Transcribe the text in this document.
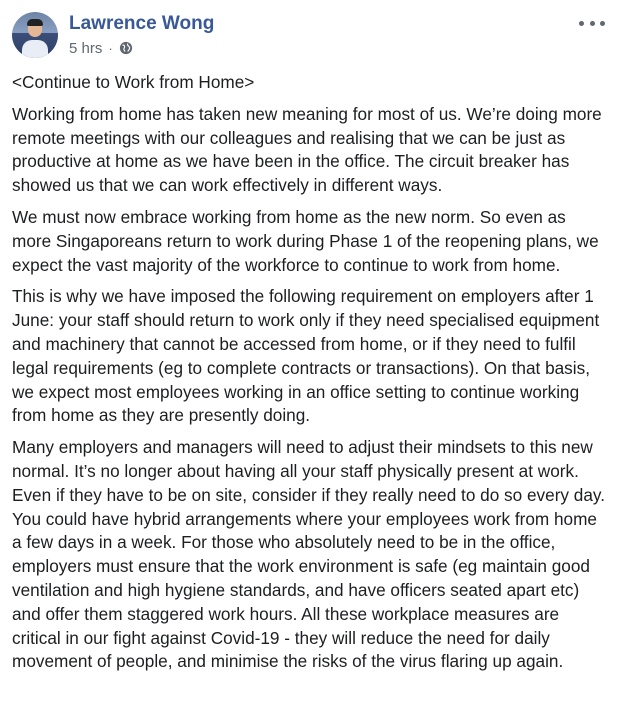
Lawrence Wong
5 hrs ·

<Continue to Work from Home>

Working from home has taken new meaning for most of us. We’re doing more remote meetings with our colleagues and realising that we can be just as productive at home as we have been in the office. The circuit breaker has showed us that we can work effectively in different ways.

We must now embrace working from home as the new norm. So even as more Singaporeans return to work during Phase 1 of the reopening plans, we expect the vast majority of the workforce to continue to work from home.

This is why we have imposed the following requirement on employers after 1 June: your staff should return to work only if they need specialised equipment and machinery that cannot be accessed from home, or if they need to fulfil legal requirements (eg to complete contracts or transactions). On that basis, we expect most employees working in an office setting to continue working from home as they are presently doing.

Many employers and managers will need to adjust their mindsets to this new normal. It’s no longer about having all your staff physically present at work. Even if they have to be on site, consider if they really need to do so every day. You could have hybrid arrangements where your employees work from home a few days in a week. For those who absolutely need to be in the office, employers must ensure that the work environment is safe (eg maintain good ventilation and high hygiene standards, and have officers seated apart etc) and offer them staggered work hours. All these workplace measures are critical in our fight against Covid-19 - they will reduce the need for daily movement of people, and minimise the risks of the virus flaring up again.
